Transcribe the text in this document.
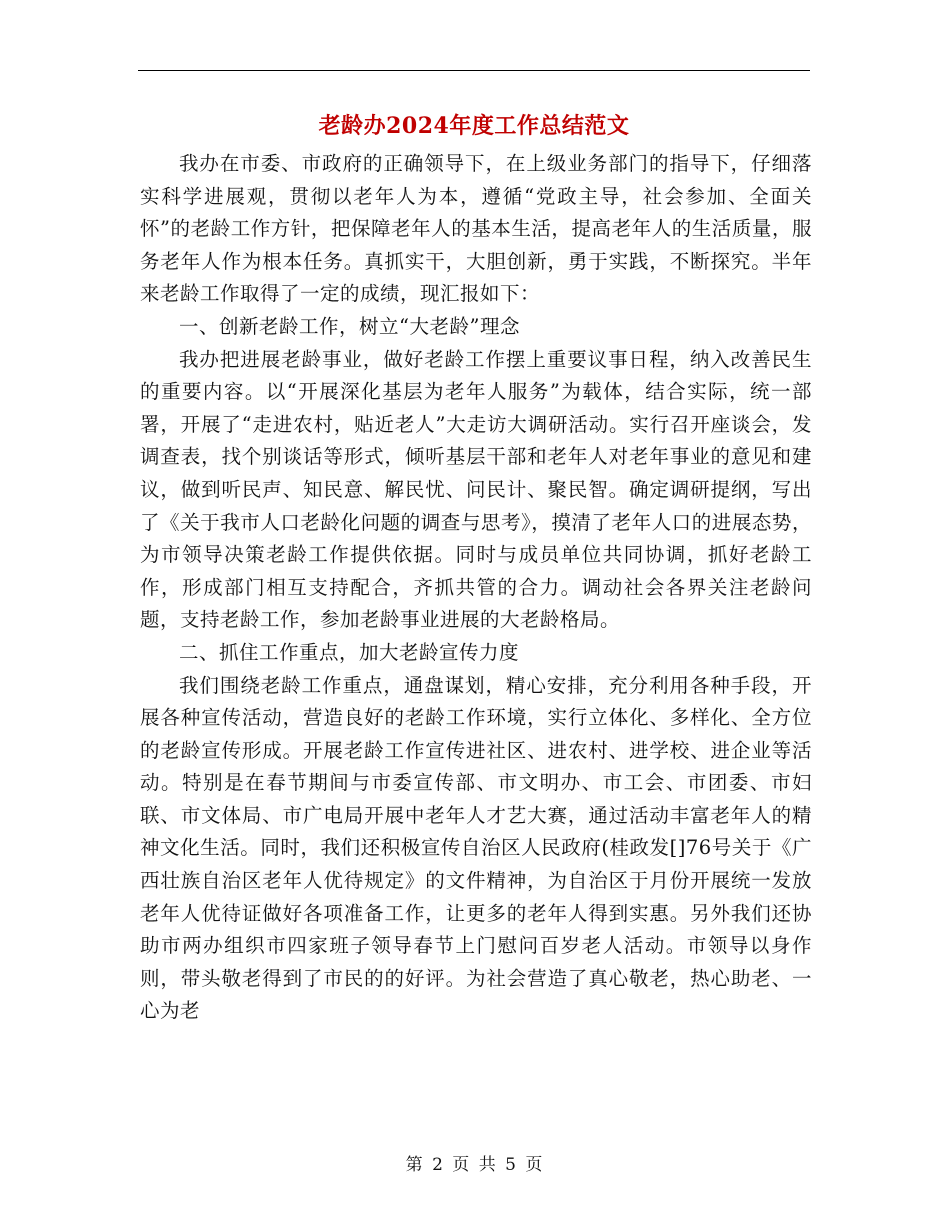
老龄办2024年度工作总结范文

我办在市委、市政府的正确领导下，在上级业务部门的指导下，仔细落实科学进展观，贯彻以老年人为本，遵循“党政主导，社会参加、全面关怀”的老龄工作方针，把保障老年人的基本生活，提高老年人的生活质量，服务老年人作为根本任务。真抓实干，大胆创新，勇于实践，不断探究。半年来老龄工作取得了一定的成绩，现汇报如下：

一、创新老龄工作，树立“大老龄”理念

我办把进展老龄事业，做好老龄工作摆上重要议事日程，纳入改善民生的重要内容。以“开展深化基层为老年人服务”为载体，结合实际，统一部署，开展了“走进农村，贴近老人”大走访大调研活动。实行召开座谈会，发调查表，找个别谈话等形式，倾听基层干部和老年人对老年事业的意见和建议，做到听民声、知民意、解民忧、问民计、聚民智。确定调研提纲，写出了《关于我市人口老龄化问题的调查与思考》，摸清了老年人口的进展态势，为市领导决策老龄工作提供依据。同时与成员单位共同协调，抓好老龄工作，形成部门相互支持配合，齐抓共管的合力。调动社会各界关注老龄问题，支持老龄工作，参加老龄事业进展的大老龄格局。

二、抓住工作重点，加大老龄宣传力度

我们围绕老龄工作重点，通盘谋划，精心安排，充分利用各种手段，开展各种宣传活动，营造良好的老龄工作环境，实行立体化、多样化、全方位的老龄宣传形成。开展老龄工作宣传进社区、进农村、进学校、进企业等活动。特别是在春节期间与市委宣传部、市文明办、市工会、市团委、市妇联、市文体局、市广电局开展中老年人才艺大赛，通过活动丰富老年人的精神文化生活。同时，我们还积极宣传自治区人民政府(桂政发[]76号关于《广西壮族自治区老年人优待规定》的文件精神，为自治区于月份开展统一发放老年人优待证做好各项准备工作，让更多的老年人得到实惠。另外我们还协助市两办组织市四家班子领导春节上门慰问百岁老人活动。市领导以身作则，带头敬老得到了市民的的好评。为社会营造了真心敬老，热心助老、一心为老

第 2 页 共 5 页
